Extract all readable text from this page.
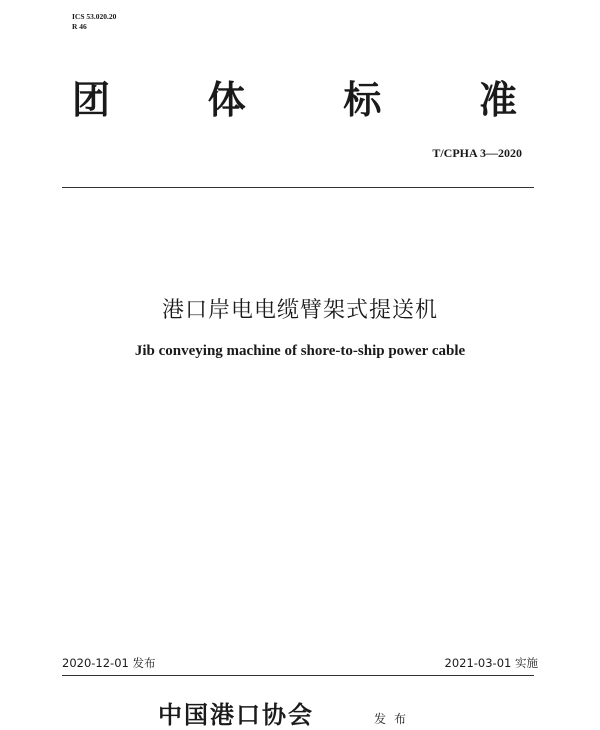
ICS 53.020.20
R 46
团	体	标	准
T/CPHA 3—2020
港口岸电电缆臂架式提送机
Jib conveying machine of shore-to-ship power cable
2020-12-01 发布	2021-03-01 实施
中国港口协会	发布
